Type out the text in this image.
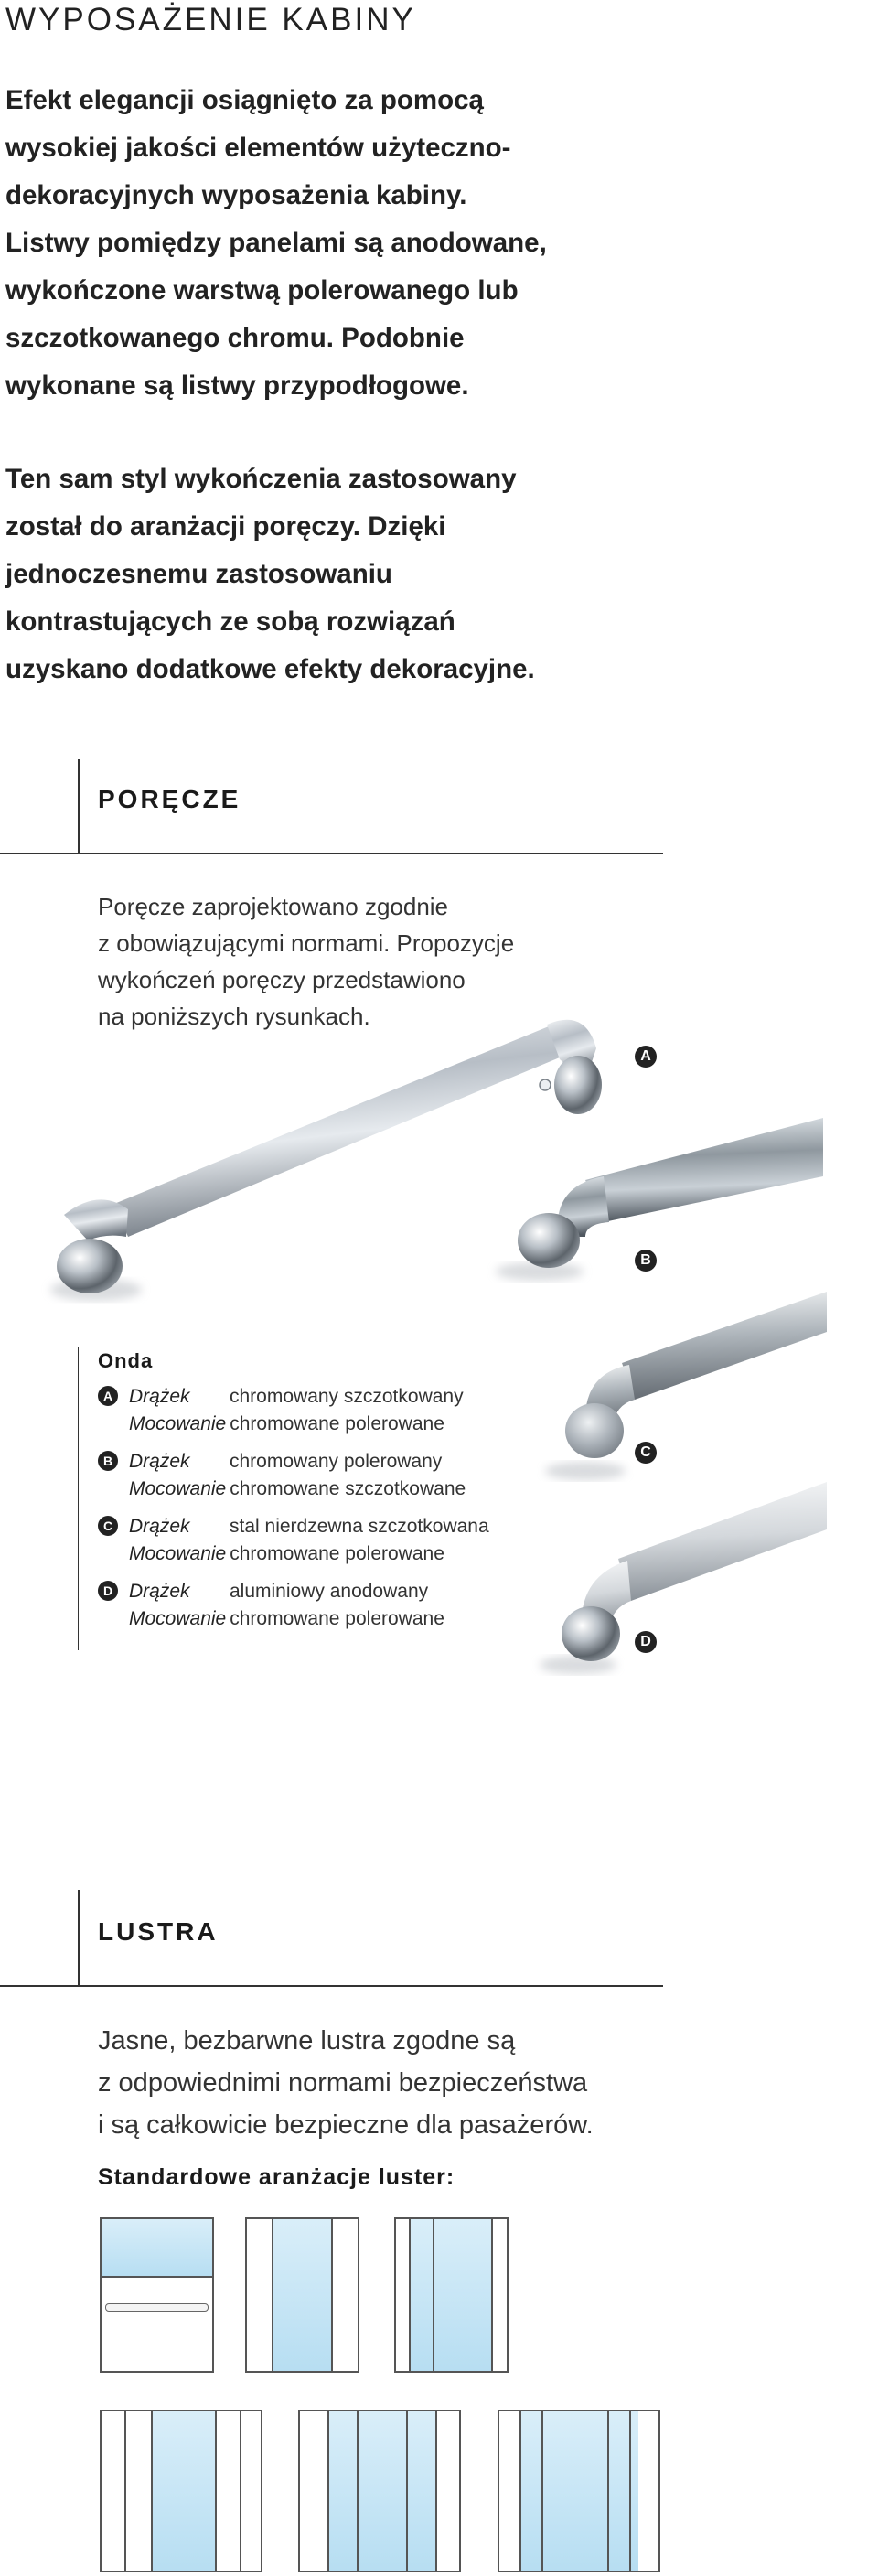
WYPOSAŻENIE KABINY

Efekt elegancji osiągnięto za pomocą
wysokiej jakości elementów użyteczno-
dekoracyjnych wyposażenia kabiny.
Listwy pomiędzy panelami są anodowane,
wykończone warstwą polerowanego lub
szczotkowanego chromu. Podobnie
wykonane są listwy przypodłogowe.

Ten sam styl wykończenia zastosowany
został do aranżacji poręczy. Dzięki
jednoczesnemu zastosowaniu
kontrastujących ze sobą rozwiązań
uzyskano dodatkowe efekty dekoracyjne.

PORĘCZE

Poręcze zaprojektowano zgodnie
z obowiązującymi normami. Propozycje
wykończeń poręczy przedstawiono
na poniższych rysunkach.

A
B
C
D
Onda
A Drążek chromowany szczotkowany
Mocowanie chromowane polerowane
B Drążek chromowany polerowany
Mocowanie chromowane szczotkowane
C Drążek stal nierdzewna szczotkowana
Mocowanie chromowane polerowane
D Drążek aluminiowy anodowany
Mocowanie chromowane polerowane
LUSTRA

Jasne, bezbarwne lustra zgodne są
z odpowiednimi normami bezpieczeństwa
i są całkowicie bezpieczne dla pasażerów.

Standardowe aranżacje luster:
